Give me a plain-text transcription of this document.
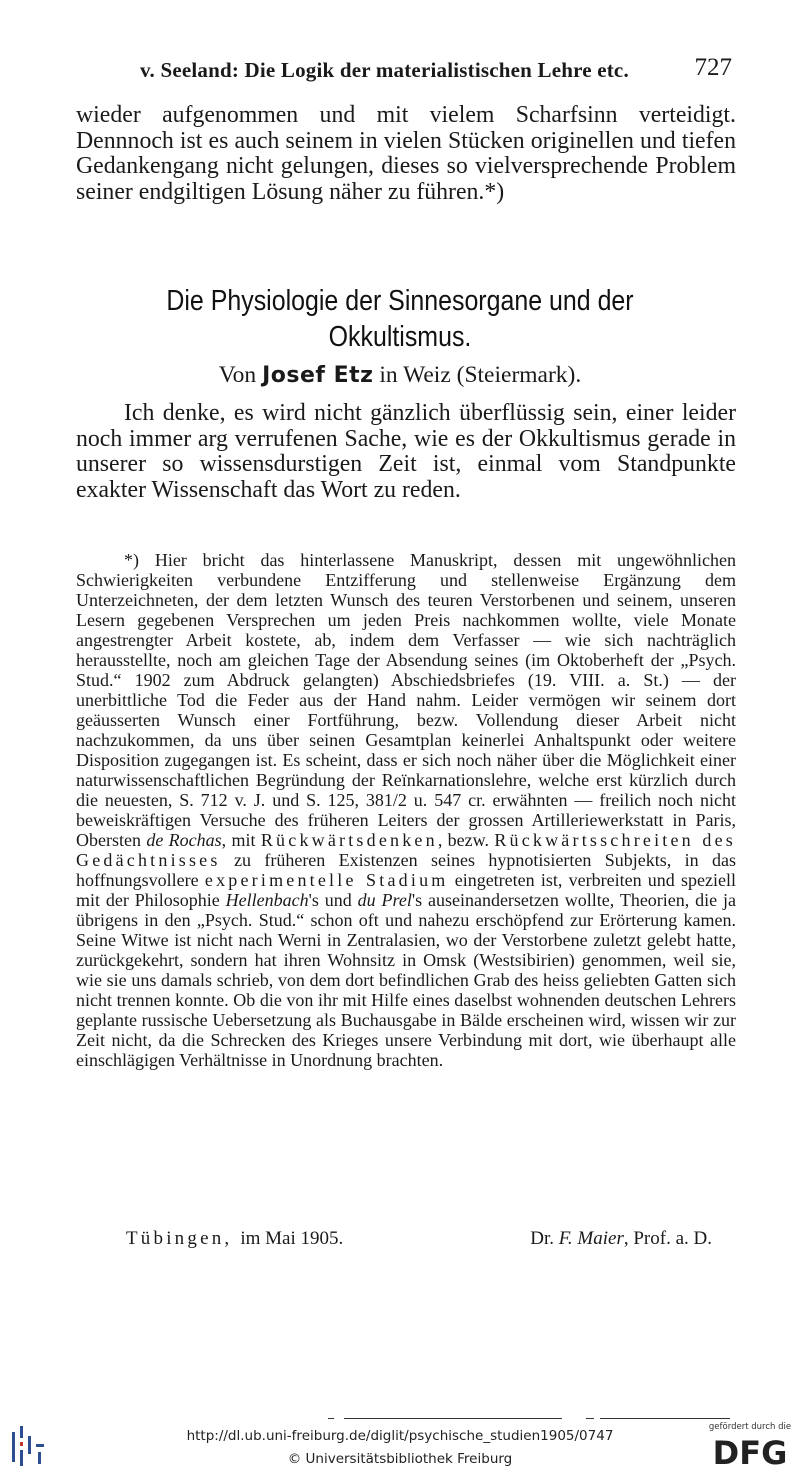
v. Seeland: Die Logik der materialistischen Lehre etc.	727

wieder aufgenommen und mit vielem Scharfsinn verteidigt. Dennnoch ist es auch seinem in vielen Stücken originellen und tiefen Gedankengang nicht gelungen, dieses so vielversprechende Problem seiner endgiltigen Lösung näher zu führen.*)

Die Physiologie der Sinnesorgane und der
Okkultismus.
Von Josef Etz in Weiz (Steiermark).

Ich denke, es wird nicht gänzlich überflüssig sein, einer leider noch immer arg verrufenen Sache, wie es der Okkultismus gerade in unserer so wissensdurstigen Zeit ist, einmal vom Standpunkte exakter Wissenschaft das Wort zu reden.

*) Hier bricht das hinterlassene Manuskript, dessen mit ungewöhnlichen Schwierigkeiten verbundene Entzifferung und stellenweise Ergänzung dem Unterzeichneten, der dem letzten Wunsch des teuren Verstorbenen und seinem, unseren Lesern gegebenen Versprechen um jeden Preis nachkommen wollte, viele Monate angestrengter Arbeit kostete, ab, indem dem Verfasser — wie sich nachträglich herausstellte, noch am gleichen Tage der Absendung seines (im Oktoberheft der „Psych. Stud.“ 1902 zum Abdruck gelangten) Abschiedsbriefes (19. VIII. a. St.) — der unerbittliche Tod die Feder aus der Hand nahm. Leider vermögen wir seinem dort geäusserten Wunsch einer Fortführung, bezw. Vollendung dieser Arbeit nicht nachzukommen, da uns über seinen Gesamtplan keinerlei Anhaltspunkt oder weitere Disposition zugegangen ist. Es scheint, dass er sich noch näher über die Möglichkeit einer naturwissenschaftlichen Begründung der Reïnkarnationslehre, welche erst kürzlich durch die neuesten, S. 712 v. J. und S. 125, 381/2 u. 547 cr. erwähnten — freilich noch nicht beweiskräftigen Versuche des früheren Leiters der grossen Artilleriewerkstatt in Paris, Obersten de Rochas, mit Rückwärtsdenken, bezw. Rückwärtsschreiten des Gedächtnisses zu früheren Existenzen seines hypnotisierten Subjekts, in das hoffnungsvollere experimentelle Stadium eingetreten ist, verbreiten und speziell mit der Philosophie Hellenbach's und du Prel's auseinandersetzen wollte, Theorien, die ja übrigens in den „Psych. Stud.“ schon oft und nahezu erschöpfend zur Erörterung kamen. Seine Witwe ist nicht nach Werni in Zentralasien, wo der Verstorbene zuletzt gelebt hatte, zurückgekehrt, sondern hat ihren Wohnsitz in Omsk (Westsibirien) genommen, weil sie, wie sie uns damals schrieb, von dem dort befindlichen Grab des heiss geliebten Gatten sich nicht trennen konnte. Ob die von ihr mit Hilfe eines daselbst wohnenden deutschen Lehrers geplante russische Uebersetzung als Buchausgabe in Bälde erscheinen wird, wissen wir zur Zeit nicht, da die Schrecken des Krieges unsere Verbindung mit dort, wie überhaupt alle einschlägigen Verhältnisse in Unordnung brachten.

Tübingen, im Mai 1905.	Dr. F. Maier, Prof. a. D.
http://dl.ub.uni-freiburg.de/diglit/psychische_studien1905/0747
© Universitätsbibliothek Freiburg
gefördert durch die
DFG
